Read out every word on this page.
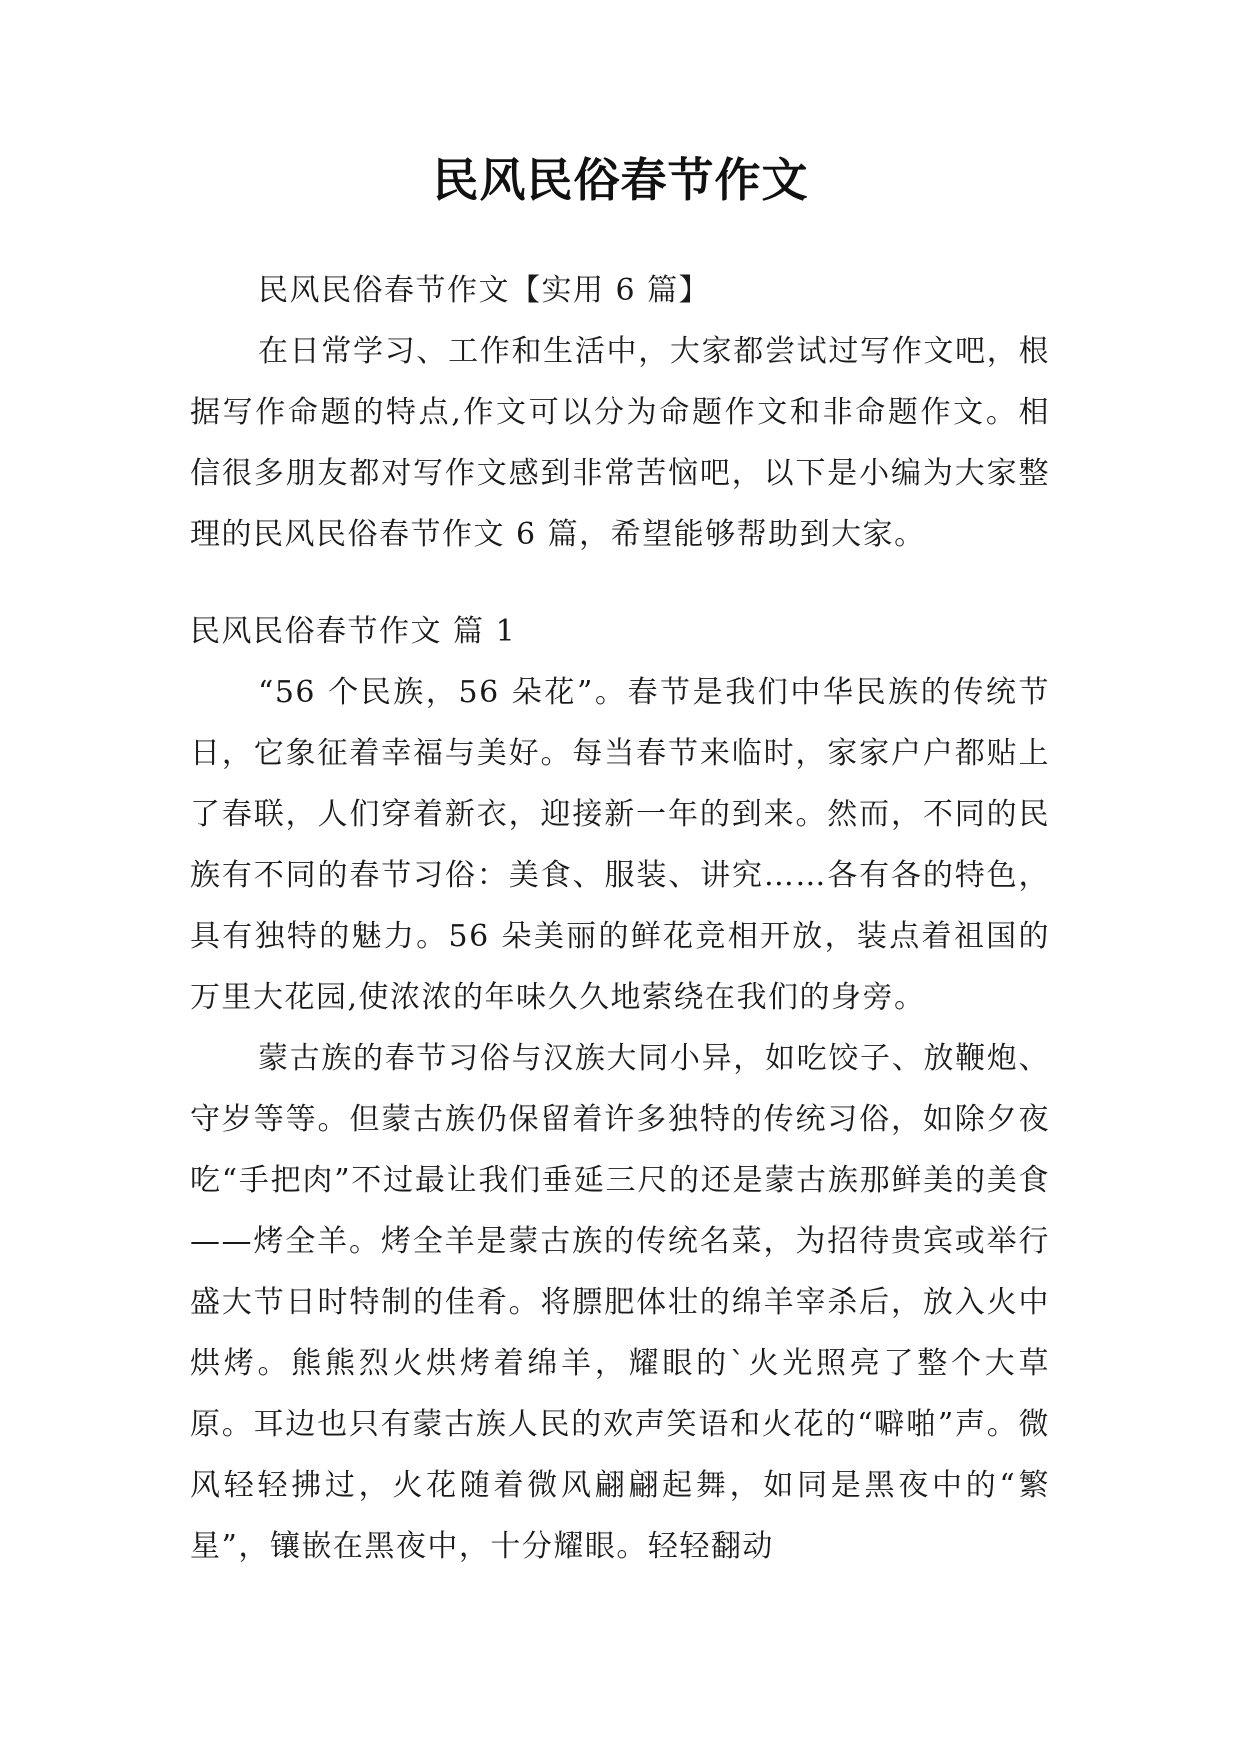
民风民俗春节作文

民风民俗春节作文【实用 6 篇】

在日常学习、工作和生活中，大家都尝试过写作文吧，根据写作命题的特点,作文可以分为命题作文和非命题作文。相信很多朋友都对写作文感到非常苦恼吧，以下是小编为大家整理的民风民俗春节作文 6 篇，希望能够帮助到大家。

民风民俗春节作文 篇 1

“56 个民族，56 朵花”。春节是我们中华民族的传统节日，它象征着幸福与美好。每当春节来临时，家家户户都贴上了春联，人们穿着新衣，迎接新一年的到来。然而，不同的民族有不同的春节习俗：美食、服装、讲究……各有各的特色，具有独特的魅力。56 朵美丽的鲜花竞相开放，装点着祖国的万里大花园,使浓浓的年味久久地萦绕在我们的身旁。

蒙古族的春节习俗与汉族大同小异，如吃饺子、放鞭炮、守岁等等。但蒙古族仍保留着许多独特的传统习俗，如除夕夜吃“手把肉”不过最让我们垂延三尺的还是蒙古族那鲜美的美食——烤全羊。烤全羊是蒙古族的传统名菜，为招待贵宾或举行盛大节日时特制的佳肴。将膘肥体壮的绵羊宰杀后，放入火中烘烤。熊熊烈火烘烤着绵羊，耀眼的`火光照亮了整个大草原。耳边也只有蒙古族人民的欢声笑语和火花的“噼啪”声。微风轻轻拂过，火花随着微风翩翩起舞，如同是黑夜中的“繁星”，镶嵌在黑夜中，十分耀眼。轻轻翻动
